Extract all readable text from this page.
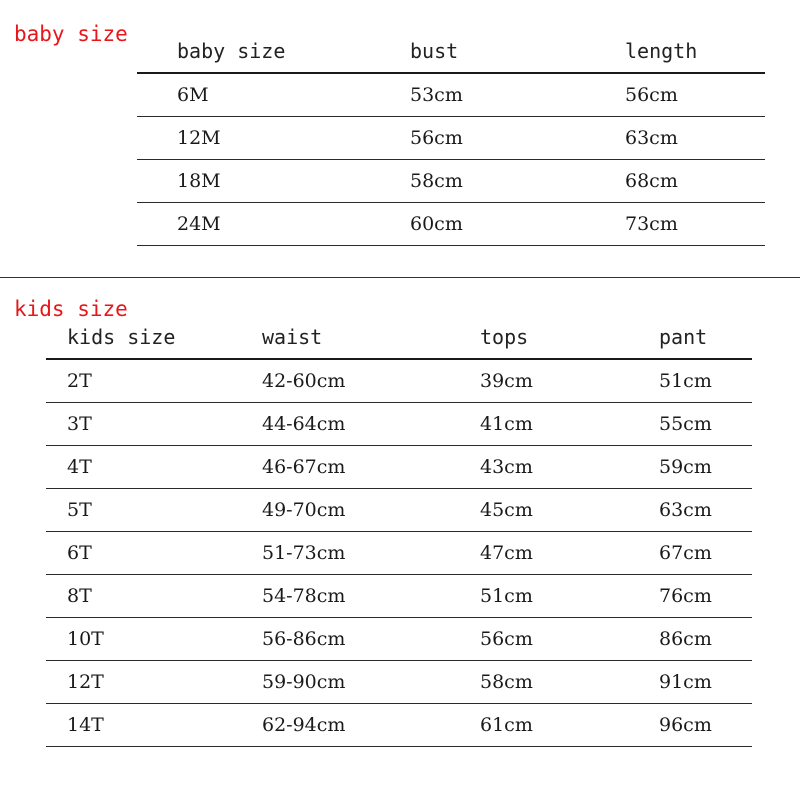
baby size
baby size	bust	length
6M	53cm	56cm
12M	56cm	63cm
18M	58cm	68cm
24M	60cm	73cm
kids size
kids size	waist	tops	pant
2T	42-60cm	39cm	51cm
3T	44-64cm	41cm	55cm
4T	46-67cm	43cm	59cm
5T	49-70cm	45cm	63cm
6T	51-73cm	47cm	67cm
8T	54-78cm	51cm	76cm
10T	56-86cm	56cm	86cm
12T	59-90cm	58cm	91cm
14T	62-94cm	61cm	96cm
